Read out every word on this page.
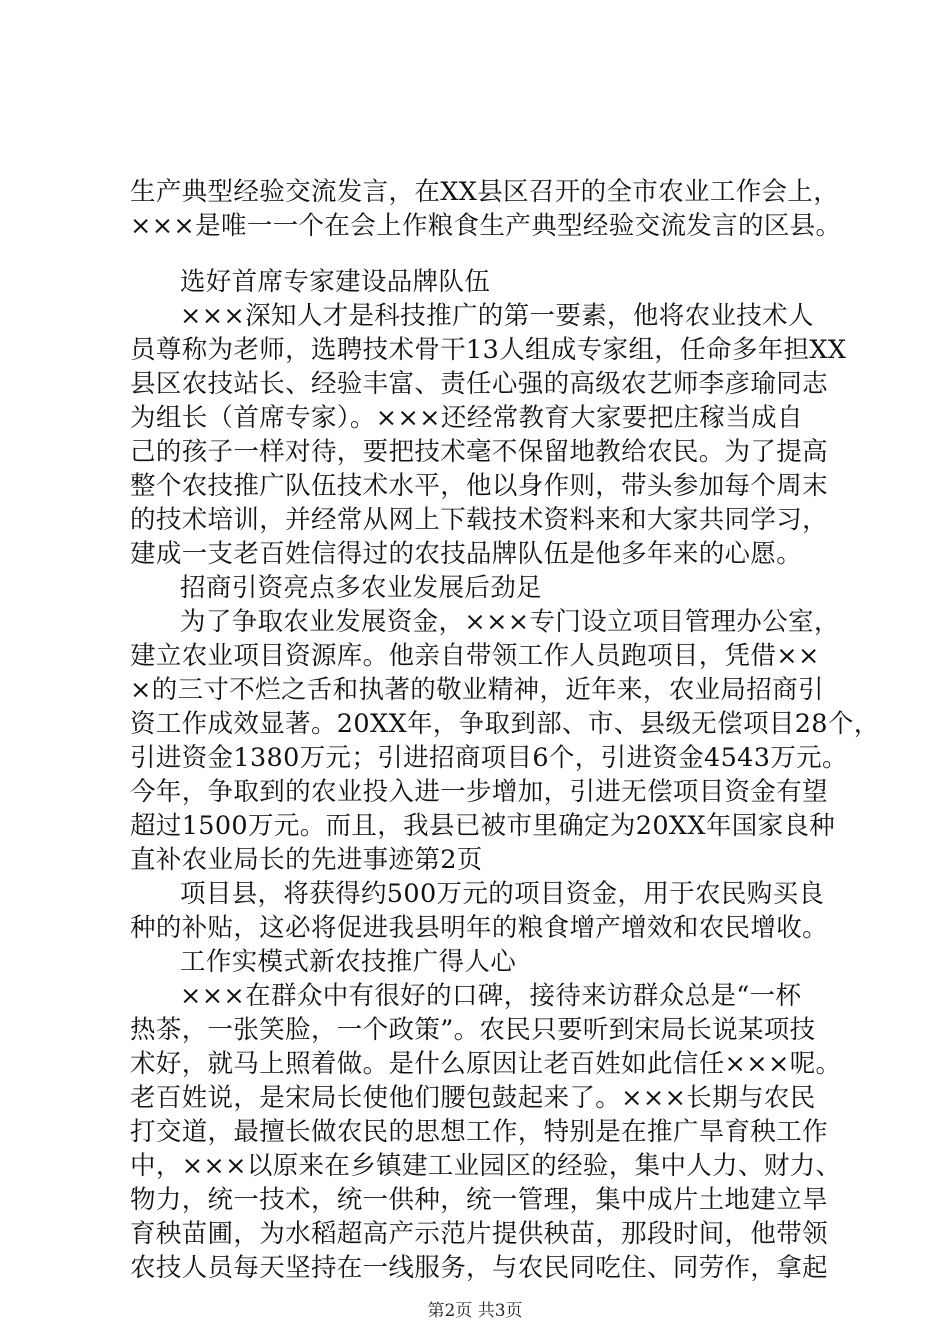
生产典型经验交流发言，在XX县区召开的全市农业工作会上，
×××是唯一一个在会上作粮食生产典型经验交流发言的区县。
选好首席专家建设品牌队伍
×××深知人才是科技推广的第一要素，他将农业技术人
员尊称为老师，选聘技术骨干13人组成专家组，任命多年担XX
县区农技站长、经验丰富、责任心强的高级农艺师李彦瑜同志
为组长（首席专家）。×××还经常教育大家要把庄稼当成自
己的孩子一样对待，要把技术毫不保留地教给农民。为了提高
整个农技推广队伍技术水平，他以身作则，带头参加每个周末
的技术培训，并经常从网上下载技术资料来和大家共同学习，
建成一支老百姓信得过的农技品牌队伍是他多年来的心愿。
招商引资亮点多农业发展后劲足
为了争取农业发展资金，×××专门设立项目管理办公室，
建立农业项目资源库。他亲自带领工作人员跑项目，凭借××
×的三寸不烂之舌和执著的敬业精神，近年来，农业局招商引
资工作成效显著。20XX年，争取到部、市、县级无偿项目28个，
引进资金1380万元；引进招商项目6个，引进资金4543万元。
今年，争取到的农业投入进一步增加，引进无偿项目资金有望
超过1500万元。而且，我县已被市里确定为20XX年国家良种
直补农业局长的先进事迹第2页
项目县，将获得约500万元的项目资金，用于农民购买良
种的补贴，这必将促进我县明年的粮食增产增效和农民增收。
工作实模式新农技推广得人心
×××在群众中有很好的口碑，接待来访群众总是“一杯
热茶，一张笑脸，一个政策”。农民只要听到宋局长说某项技
术好，就马上照着做。是什么原因让老百姓如此信任×××呢。
老百姓说，是宋局长使他们腰包鼓起来了。×××长期与农民
打交道，最擅长做农民的思想工作，特别是在推广旱育秧工作
中，×××以原来在乡镇建工业园区的经验，集中人力、财力、
物力，统一技术，统一供种，统一管理，集中成片土地建立旱
育秧苗圃，为水稻超高产示范片提供秧苗，那段时间，他带领
农技人员每天坚持在一线服务，与农民同吃住、同劳作，拿起
第2页 共3页
